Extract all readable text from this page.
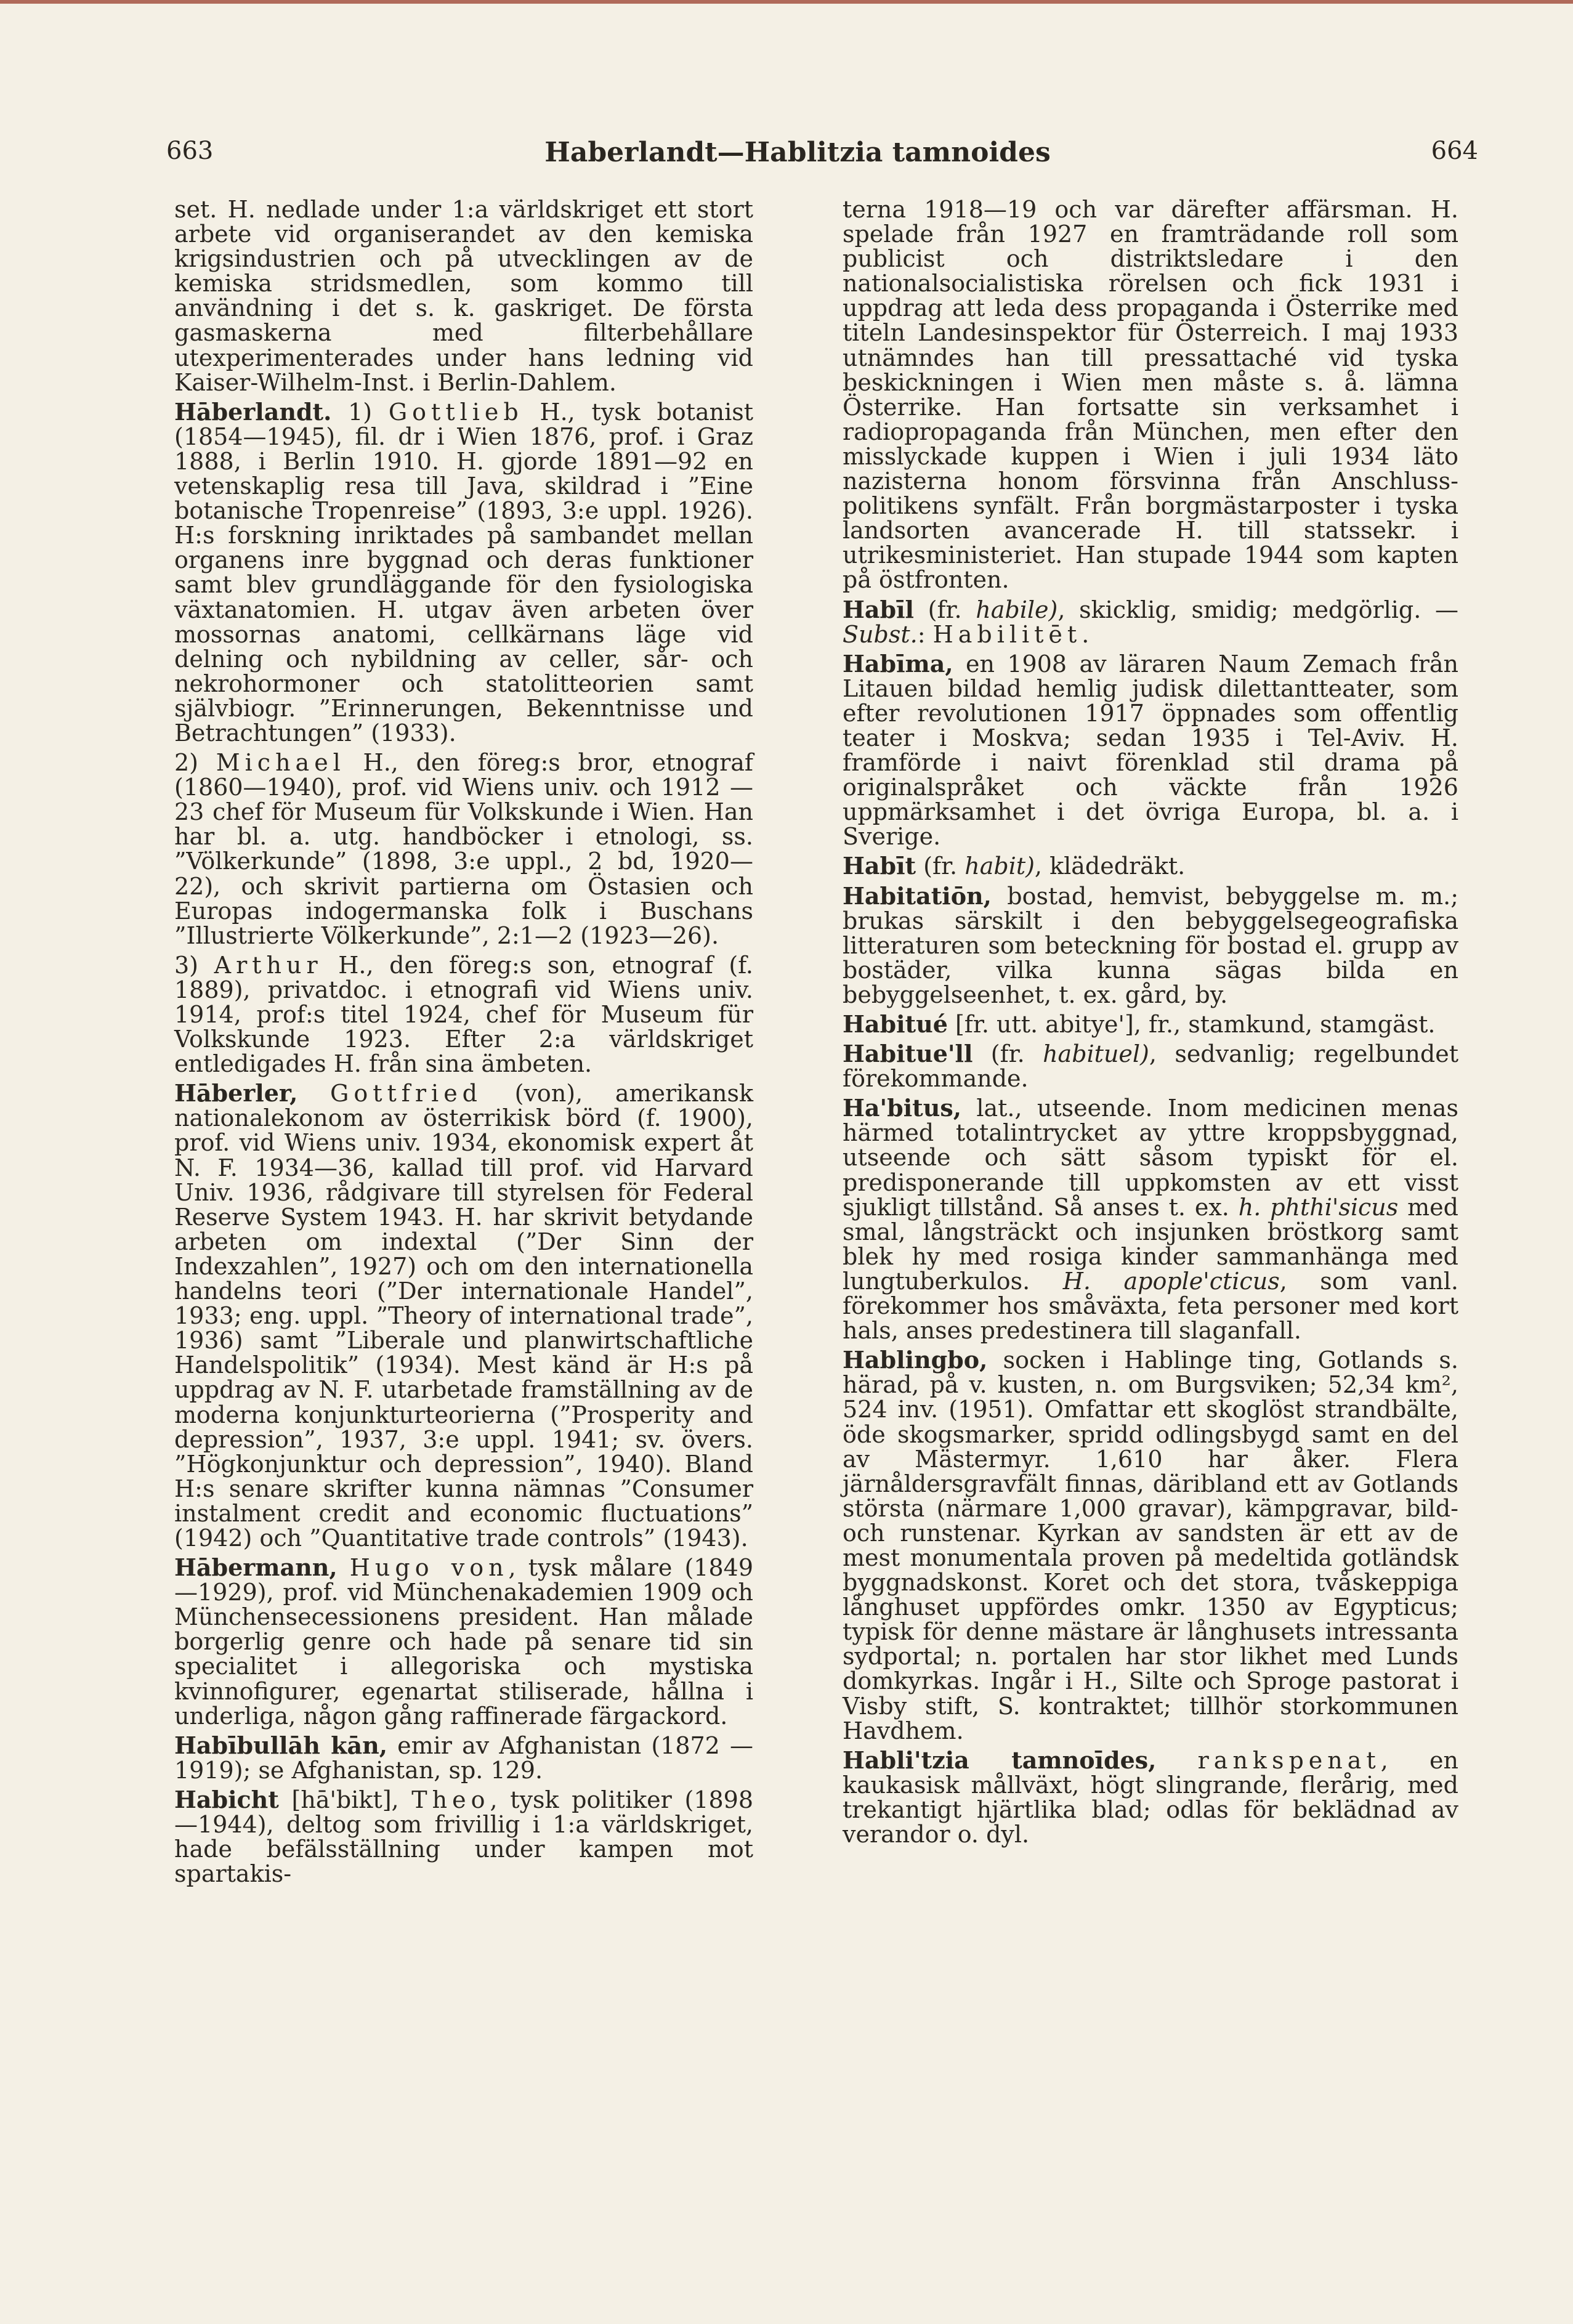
663	Haberlandt—Hablitzia tamnoides	664

set. H. nedlade under 1:a världskriget ett stort arbete vid organiserandet av den kemiska krigsindustrien och på utvecklingen av de kemiska stridsmedlen, som kommo till användning i det s. k. gaskriget. De första gasmaskerna med filterbehållare utexperimenterades under hans ledning vid Kaiser-Wilhelm-Inst. i Berlin-Dahlem.

Hāberlandt. 1) Gottlieb H., tysk botanist (1854—1945), fil. dr i Wien 1876, prof. i Graz 1888, i Berlin 1910. H. gjorde 1891—92 en vetenskaplig resa till Java, skildrad i ”Eine botanische Tropenreise” (1893, 3:e uppl. 1926). H:s forskning inriktades på sambandet mellan organens inre byggnad och deras funktioner samt blev grundläggande för den fysiologiska växtanatomien. H. utgav även arbeten över mossornas anatomi, cellkärnans läge vid delning och nybildning av celler, sår- och nekrohormoner och statolitteorien samt självbiogr. ”Erinnerungen, Bekenntnisse und Betrachtungen” (1933).

2) Michael H., den föreg:s bror, etnograf (1860—1940), prof. vid Wiens univ. och 1912 —23 chef för Museum für Volkskunde i Wien. Han har bl. a. utg. handböcker i etnologi, ss. ”Völkerkunde” (1898, 3:e uppl., 2 bd, 1920—22), och skrivit partierna om Östasien och Europas indogermanska folk i Buschans ”Illustrierte Völkerkunde”, 2:1—2 (1923—26).

3) Arthur H., den föreg:s son, etnograf (f. 1889), privatdoc. i etnografi vid Wiens univ. 1914, prof:s titel 1924, chef för Museum für Volkskunde 1923. Efter 2:a världskriget entledigades H. från sina ämbeten.

Hāberler, Gottfried (von), amerikansk nationalekonom av österrikisk börd (f. 1900), prof. vid Wiens univ. 1934, ekonomisk expert åt N. F. 1934—36, kallad till prof. vid Harvard Univ. 1936, rådgivare till styrelsen för Federal Reserve System 1943. H. har skrivit betydande arbeten om indextal (”Der Sinn der Indexzahlen”, 1927) och om den internationella handelns teori (”Der internationale Handel”, 1933; eng. uppl. ”Theory of international trade”, 1936) samt ”Liberale und planwirtschaftliche Handelspolitik” (1934). Mest känd är H:s på uppdrag av N. F. utarbetade framställning av de moderna konjunkturteorierna (”Prosperity and depression”, 1937, 3:e uppl. 1941; sv. övers. ”Högkonjunktur och depression”, 1940). Bland H:s senare skrifter kunna nämnas ”Consumer instalment credit and economic fluctuations” (1942) och ”Quantitative trade controls” (1943).

Hābermann, Hugo von, tysk målare (1849 —1929), prof. vid Münchenakademien 1909 och Münchensecessionens president. Han målade borgerlig genre och hade på senare tid sin specialitet i allegoriska och mystiska kvinnofigurer, egenartat stiliserade, hållna i underliga, någon gång raffinerade färgackord.

Habībullāh kān, emir av Afghanistan (1872 —1919); se Afghanistan, sp. 129.

Habicht [hā'bikt], Theo, tysk politiker (1898 —1944), deltog som frivillig i 1:a världskriget, hade befälsställning under kampen mot spartakis-

terna 1918—19 och var därefter affärsman. H. spelade från 1927 en framträdande roll som publicist och distriktsledare i den nationalsocialistiska rörelsen och fick 1931 i uppdrag att leda dess propaganda i Österrike med titeln Landesinspektor für Österreich. I maj 1933 utnämndes han till pressattaché vid tyska beskickningen i Wien men måste s. å. lämna Österrike. Han fortsatte sin verksamhet i radiopropaganda från München, men efter den misslyckade kuppen i Wien i juli 1934 läto nazisterna honom försvinna från Anschluss-politikens synfält. Från borgmästarposter i tyska landsorten avancerade H. till statssekr. i utrikesministeriet. Han stupade 1944 som kapten på östfronten.

Habīl (fr. habile), skicklig, smidig; medgörlig. — Subst.: Habilitēt.

Habīma, en 1908 av läraren Naum Zemach från Litauen bildad hemlig judisk dilettantteater, som efter revolutionen 1917 öppnades som offentlig teater i Moskva; sedan 1935 i Tel-Aviv. H. framförde i naivt förenklad stil drama på originalspråket och väckte från 1926 uppmärksamhet i det övriga Europa, bl. a. i Sverige.

Habīt (fr. habit), klädedräkt.

Habitatiōn, bostad, hemvist, bebyggelse m. m.; brukas särskilt i den bebyggelsegeografiska litteraturen som beteckning för bostad el. grupp av bostäder, vilka kunna sägas bilda en bebyggelseenhet, t. ex. gård, by.

Habitué [fr. utt. abitye'], fr., stamkund, stamgäst.

Habitue'll (fr. habituel), sedvanlig; regelbundet förekommande.

Ha'bitus, lat., utseende. Inom medicinen menas härmed totalintrycket av yttre kroppsbyggnad, utseende och sätt såsom typiskt för el. predisponerande till uppkomsten av ett visst sjukligt tillstånd. Så anses t. ex. h. phthi'sicus med smal, långsträckt och insjunken bröstkorg samt blek hy med rosiga kinder sammanhänga med lungtuberkulos. H. apople'cticus, som vanl. förekommer hos småväxta, feta personer med kort hals, anses predestinera till slaganfall.

Hablingbo, socken i Hablinge ting, Gotlands s. härad, på v. kusten, n. om Burgsviken; 52,34 km², 524 inv. (1951). Omfattar ett skoglöst strandbälte, öde skogsmarker, spridd odlingsbygd samt en del av Mästermyr. 1,610 har åker. Flera järnåldersgravfält finnas, däribland ett av Gotlands största (närmare 1,000 gravar), kämpgravar, bild- och runstenar. Kyrkan av sandsten är ett av de mest monumentala proven på medeltida gotländsk byggnadskonst. Koret och det stora, tvåskeppiga långhuset uppfördes omkr. 1350 av Egypticus; typisk för denne mästare är långhusets intressanta sydportal; n. portalen har stor likhet med Lunds domkyrkas. Ingår i H., Silte och Sproge pastorat i Visby stift, S. kontraktet; tillhör storkommunen Havdhem.

Habli'tzia tamnoīdes, rankspenat, en kaukasisk mållväxt, högt slingrande, flerårig, med trekantigt hjärtlika blad; odlas för beklädnad av verandor o. dyl.
